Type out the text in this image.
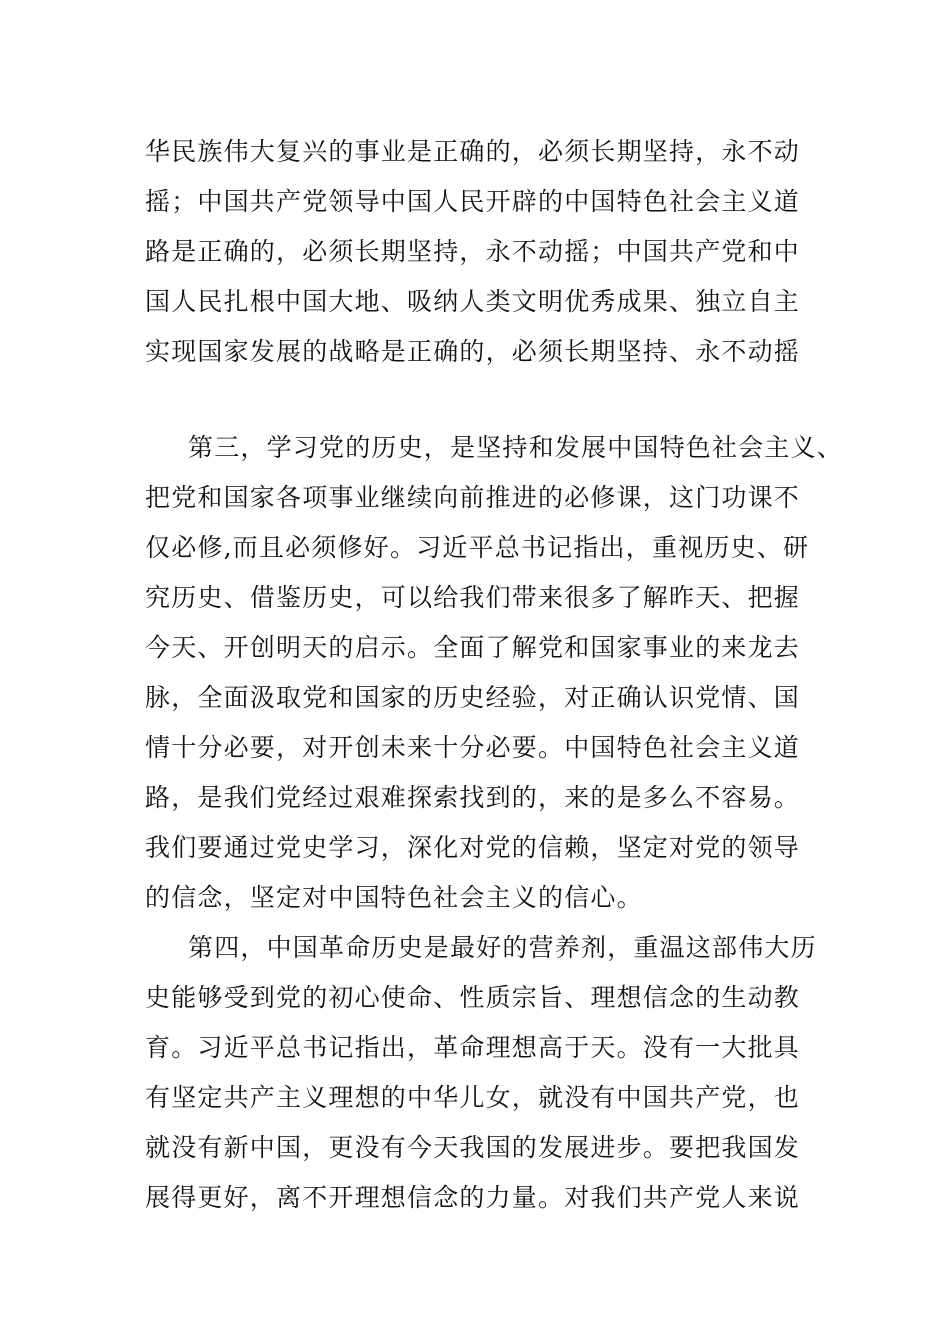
华民族伟大复兴的事业是正确的，必须长期坚持，永不动
摇；中国共产党领导中国人民开辟的中国特色社会主义道
路是正确的，必须长期坚持，永不动摇；中国共产党和中
国人民扎根中国大地、吸纳人类文明优秀成果、独立自主
实现国家发展的战略是正确的，必须长期坚持、永不动摇
第三，学习党的历史，是坚持和发展中国特色社会主义、
把党和国家各项事业继续向前推进的必修课，这门功课不
仅必修,而且必须修好。习近平总书记指出，重视历史、研
究历史、借鉴历史，可以给我们带来很多了解昨天、把握
今天、开创明天的启示。全面了解党和国家事业的来龙去
脉，全面汲取党和国家的历史经验，对正确认识党情、国
情十分必要，对开创未来十分必要。中国特色社会主义道
路，是我们党经过艰难探索找到的，来的是多么不容易。
我们要通过党史学习，深化对党的信赖，坚定对党的领导
的信念，坚定对中国特色社会主义的信心。
第四，中国革命历史是最好的营养剂，重温这部伟大历
史能够受到党的初心使命、性质宗旨、理想信念的生动教
育。习近平总书记指出，革命理想高于天。没有一大批具
有坚定共产主义理想的中华儿女，就没有中国共产党，也
就没有新中国，更没有今天我国的发展进步。要把我国发
展得更好，离不开理想信念的力量。对我们共产党人来说
